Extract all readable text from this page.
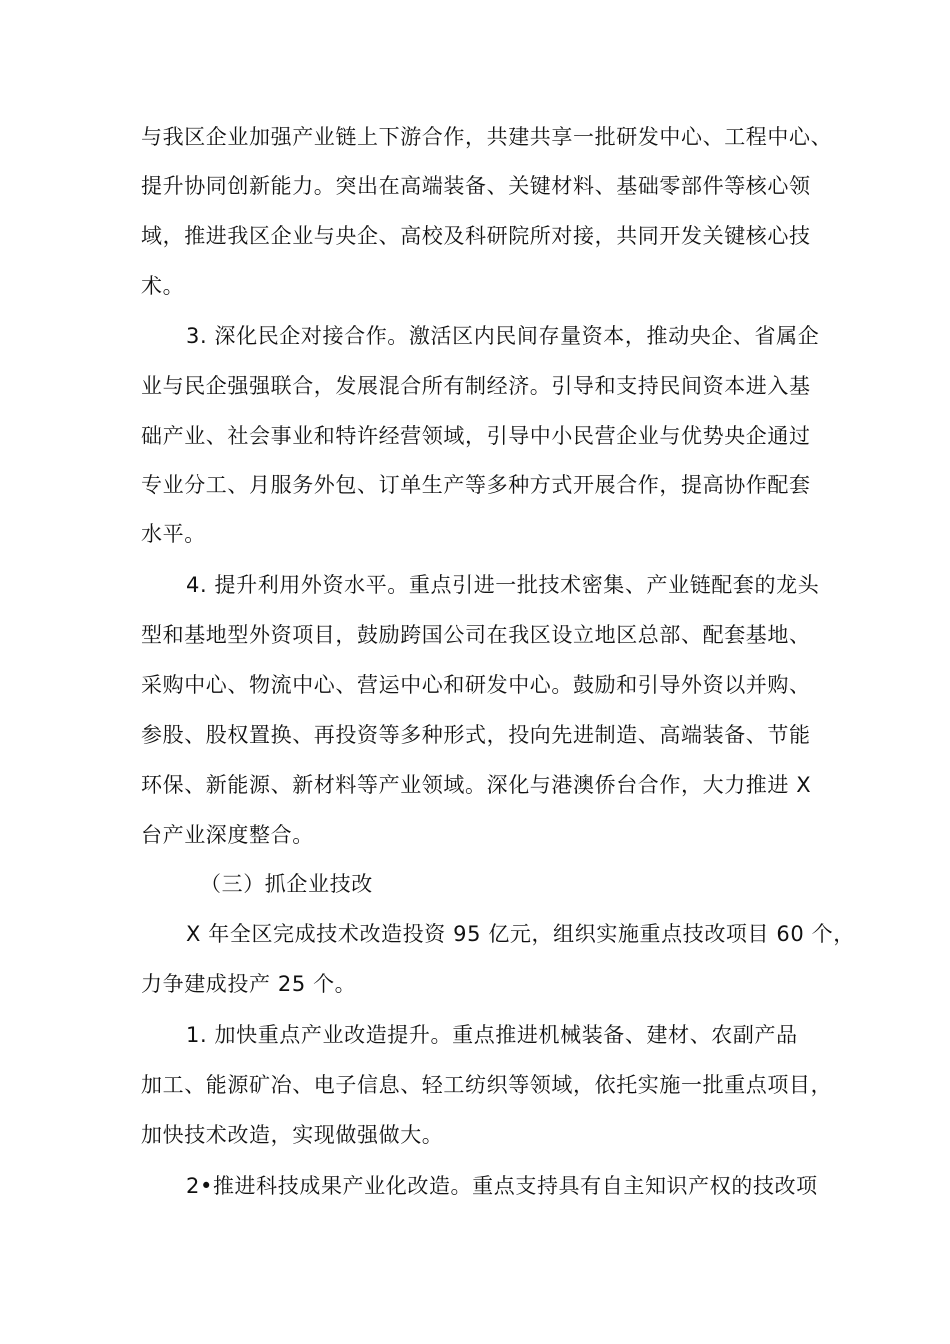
与我区企业加强产业链上下游合作，共建共享一批研发中心、工程中心、
提升协同创新能力。突出在高端装备、关键材料、基础零部件等核心领
域，推进我区企业与央企、高校及科研院所对接，共同开发关键核心技
术。
3. 深化民企对接合作。激活区内民间存量资本，推动央企、省属企
业与民企强强联合，发展混合所有制经济。引导和支持民间资本进入基
础产业、社会事业和特许经营领域，引导中小民营企业与优势央企通过
专业分工、月服务外包、订单生产等多种方式开展合作，提高协作配套
水平。
4. 提升利用外资水平。重点引进一批技术密集、产业链配套的龙头
型和基地型外资项目，鼓励跨国公司在我区设立地区总部、配套基地、
采购中心、物流中心、营运中心和研发中心。鼓励和引导外资以并购、
参股、股权置换、再投资等多种形式，投向先进制造、高端装备、节能
环保、新能源、新材料等产业领域。深化与港澳侨台合作，大力推进 X
台产业深度整合。
（三）抓企业技改
X 年全区完成技术改造投资 95 亿元，组织实施重点技改项目 60 个，
力争建成投产 25 个。
1. 加快重点产业改造提升。重点推进机械装备、建材、农副产品
加工、能源矿冶、电子信息、轻工纺织等领域，依托实施一批重点项目，
加快技术改造，实现做强做大。
2•推进科技成果产业化改造。重点支持具有自主知识产权的技改项
